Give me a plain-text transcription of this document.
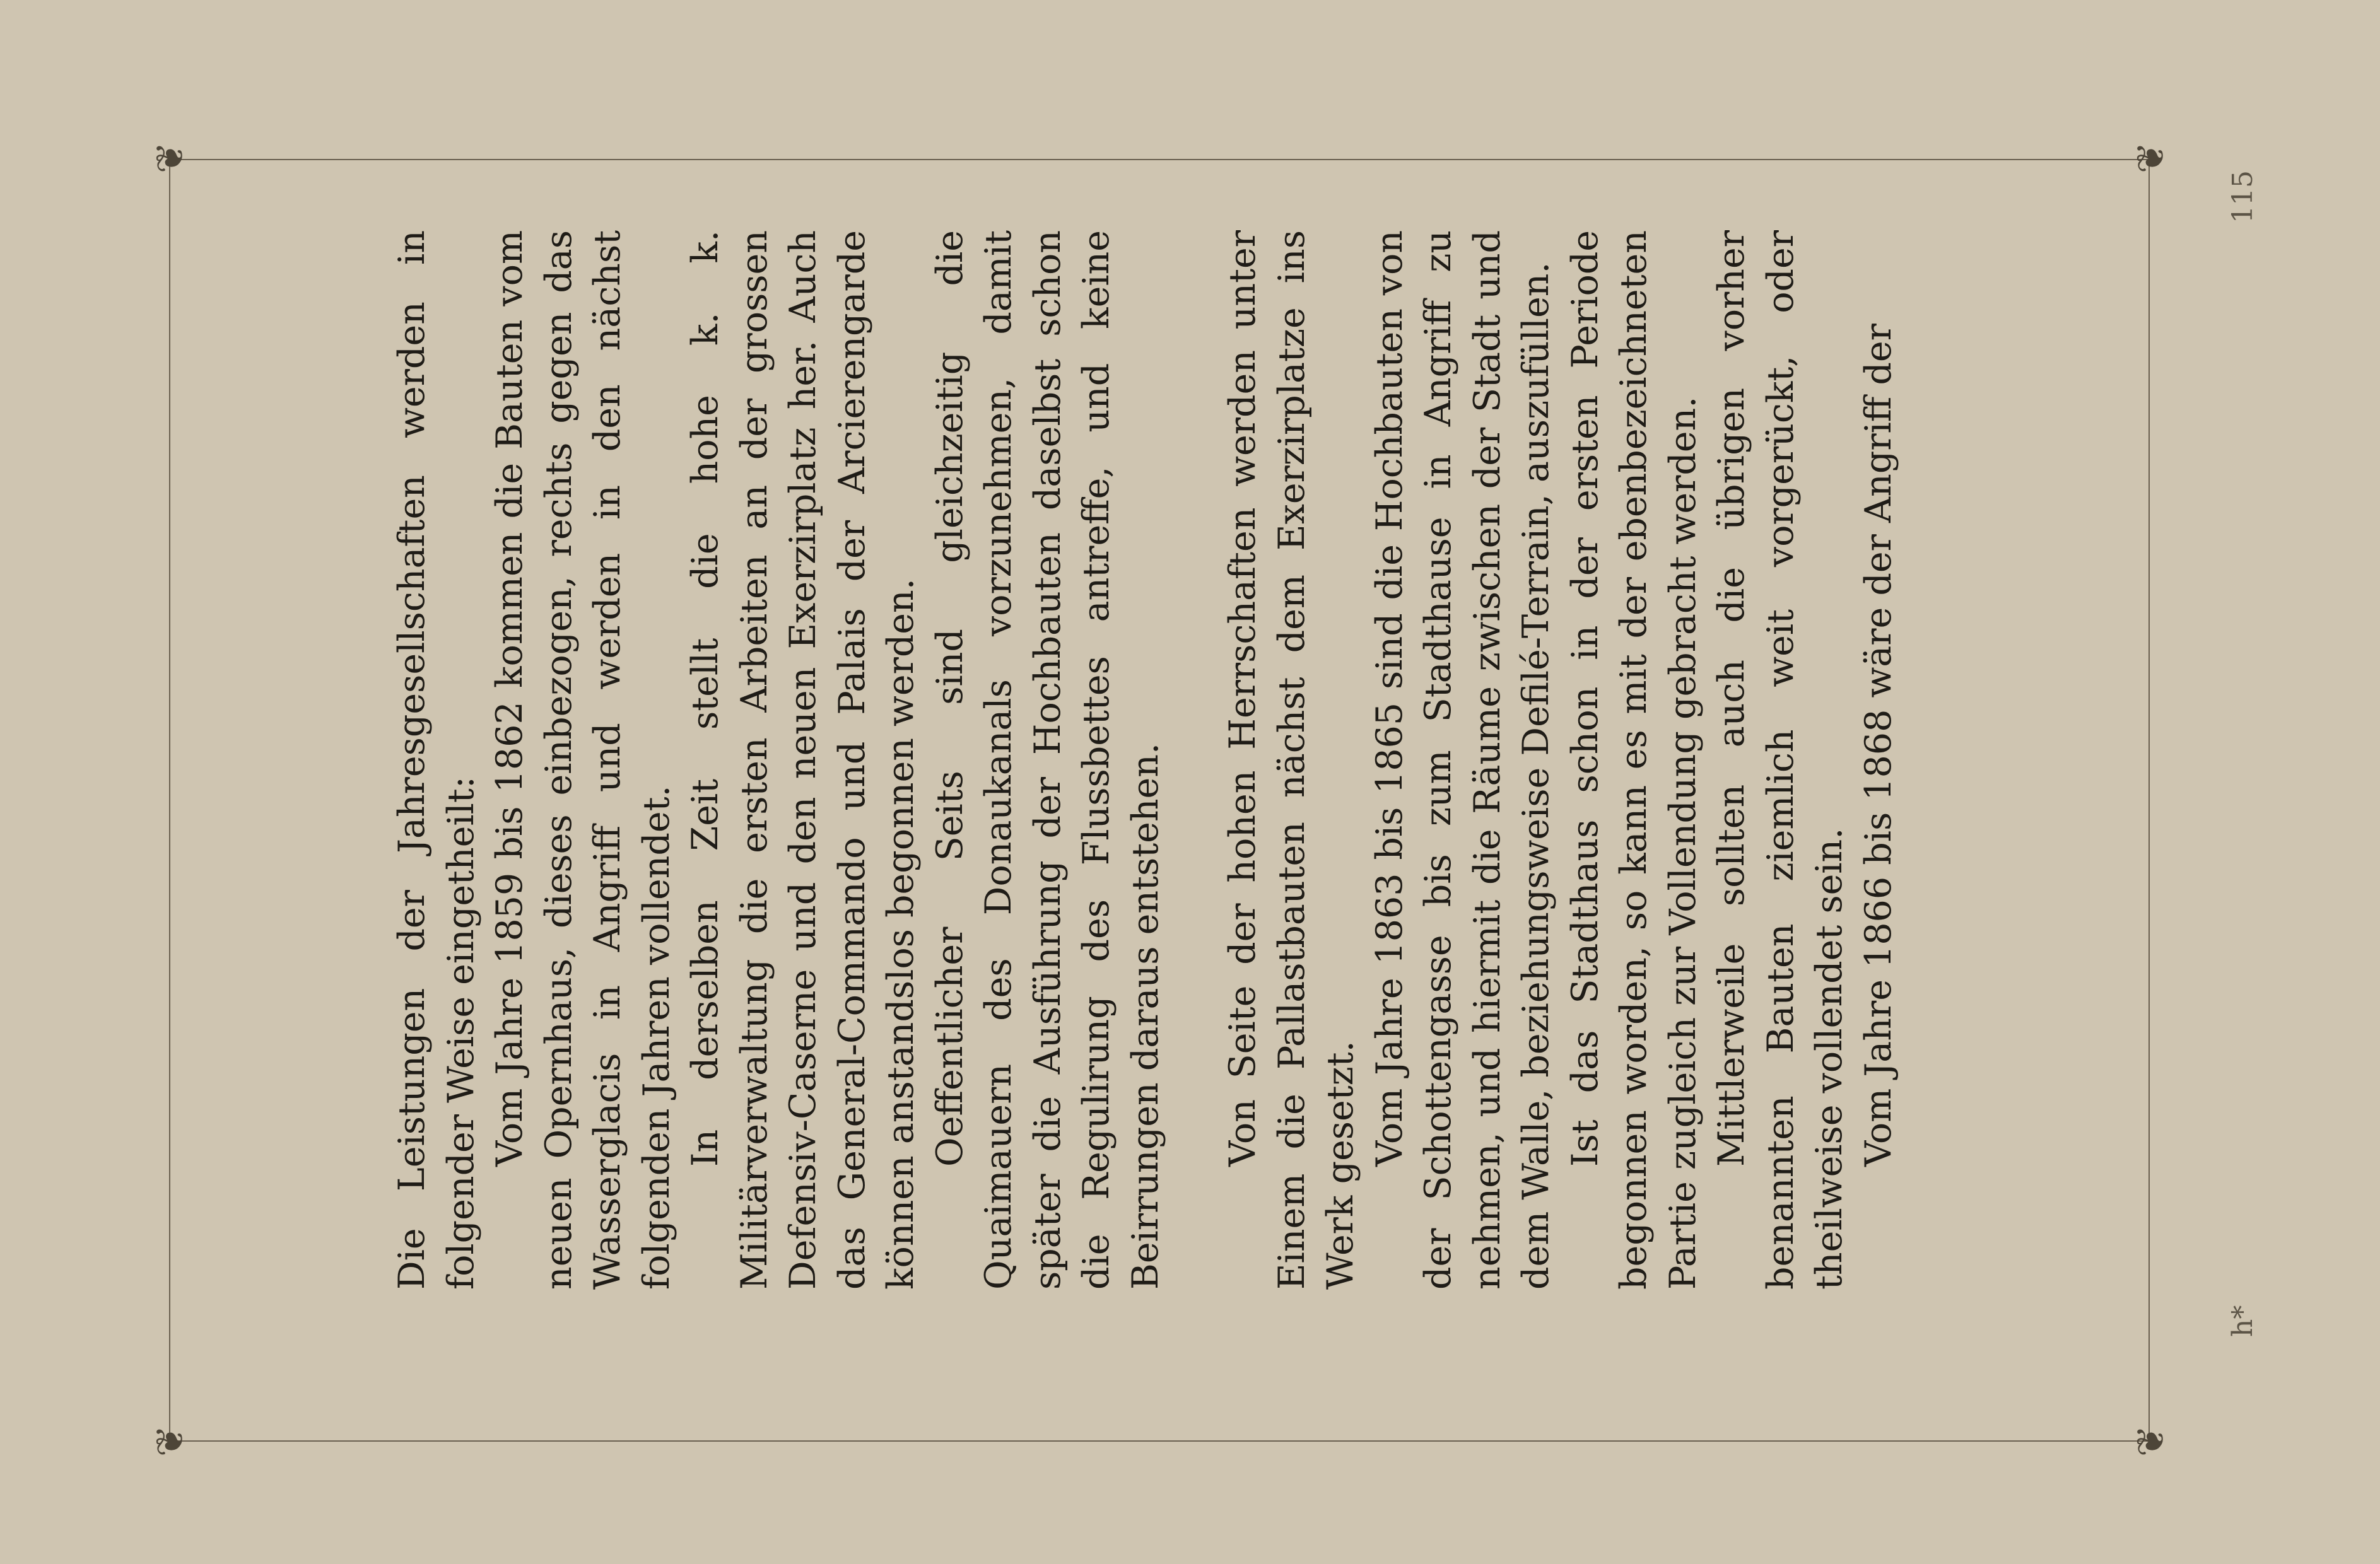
❦
❦
❦
❦

Die Leistungen der Jahresgesellschaften werden in folgender Weise eingetheilt: Vom Jahre 1859 bis 1862 kommen die Bauten vom neuen Opernhaus, dieses einbezogen, rechts gegen das Wasserglacis in Angriff und werden in den nächst folgenden Jahren vollendet. In derselben Zeit stellt die hohe k. k. Militärverwaltung die ersten Arbeiten an der grossen Defensiv-Caserne und den neuen Exerzirplatz her. Auch das General-Commando und Palais der Arcierengarde können anstandslos begonnen werden. Oeffentlicher Seits sind gleichzeitig die Quaimauern des Donaukanals vorzunehmen, damit später die Ausführung der Hochbauten daselbst schon die Regulirung des Flussbettes antreffe, und keine Beirrungen daraus entstehen. Von Seite der hohen Herrschaften werden unter Einem die Pallastbauten nächst dem Exerzirplatze ins Werk gesetzt. Vom Jahre 1863 bis 1865 sind die Hochbauten von der Schottengasse bis zum Stadthause in Angriff zu nehmen, und hiermit die Räume zwischen der Stadt und dem Walle, beziehungsweise Defilé-Terrain, auszufüllen. Ist das Stadthaus schon in der ersten Periode begonnen worden, so kann es mit der ebenbezeichneten Partie zugleich zur Vollendung gebracht werden. Mittlerweile sollten auch die übrigen vorher benannten Bauten ziemlich weit vorgerückt, oder theilweise vollendet sein. Vom Jahre 1866 bis 1868 wäre der Angriff der

h*
115
